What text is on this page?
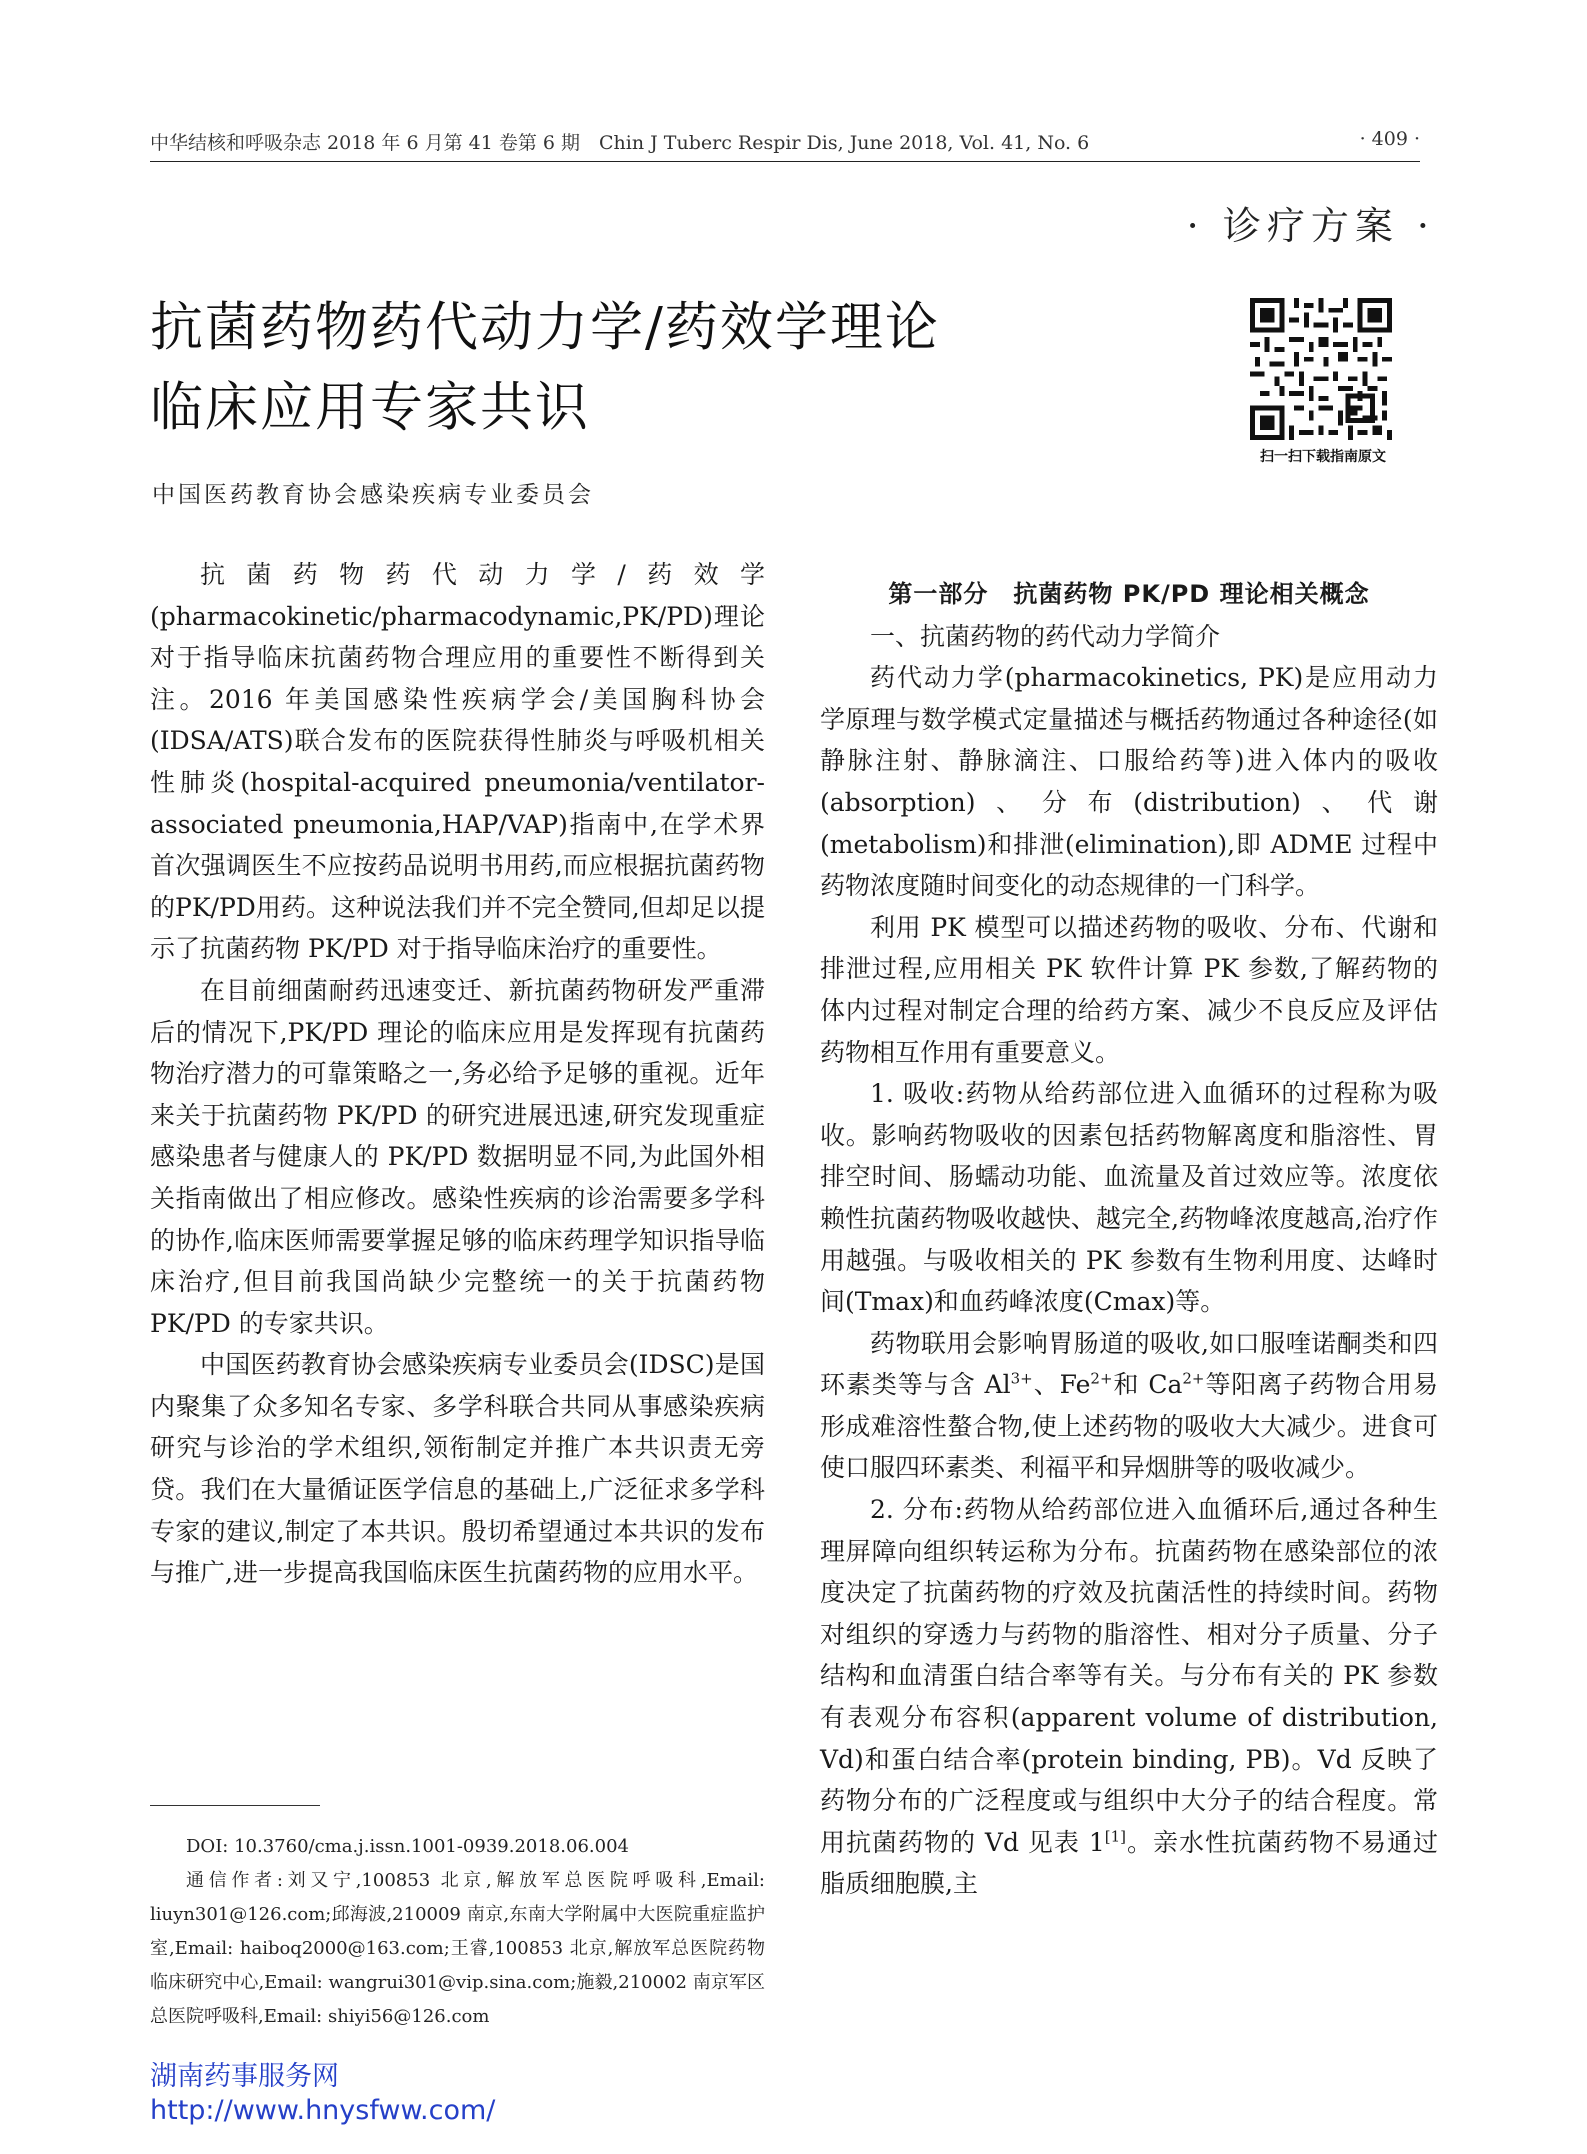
中华结核和呼吸杂志 2018 年 6 月第 41 卷第 6 期　Chin J Tuberc Respir Dis, June 2018, Vol. 41, No. 6	· 409 ·
· 诊疗方案 ·
抗菌药物药代动力学/药效学理论
临床应用专家共识
扫一扫下载指南原文
中国医药教育协会感染疾病专业委员会

抗菌药物药代动力学/药效学(pharmacokinetic/pharmacodynamic,PK/PD)理论对于指导临床抗菌药物合理应用的重要性不断得到关注。2016 年美国感染性疾病学会/美国胸科协会(IDSA/ATS)联合发布的医院获得性肺炎与呼吸机相关性肺炎(hospital-acquired pneumonia/ventilator-associated pneumonia,HAP/VAP)指南中,在学术界首次强调医生不应按药品说明书用药,而应根据抗菌药物的PK/PD用药。这种说法我们并不完全赞同,但却足以提示了抗菌药物 PK/PD 对于指导临床治疗的重要性。

在目前细菌耐药迅速变迁、新抗菌药物研发严重滞后的情况下,PK/PD 理论的临床应用是发挥现有抗菌药物治疗潜力的可靠策略之一,务必给予足够的重视。近年来关于抗菌药物 PK/PD 的研究进展迅速,研究发现重症感染患者与健康人的 PK/PD 数据明显不同,为此国外相关指南做出了相应修改。感染性疾病的诊治需要多学科的协作,临床医师需要掌握足够的临床药理学知识指导临床治疗,但目前我国尚缺少完整统一的关于抗菌药物 PK/PD 的专家共识。

中国医药教育协会感染疾病专业委员会(IDSC)是国内聚集了众多知名专家、多学科联合共同从事感染疾病研究与诊治的学术组织,领衔制定并推广本共识责无旁贷。我们在大量循证医学信息的基础上,广泛征求多学科专家的建议,制定了本共识。殷切希望通过本共识的发布与推广,进一步提高我国临床医生抗菌药物的应用水平。

DOI: 10.3760/cma.j.issn.1001-0939.2018.06.004

通信作者:刘又宁,100853 北京,解放军总医院呼吸科,Email: liuyn301@126.com;邱海波,210009 南京,东南大学附属中大医院重症监护室,Email: haiboq2000@163.com;王睿,100853 北京,解放军总医院药物临床研究中心,Email: wangrui301@vip.sina.com;施毅,210002 南京军区总医院呼吸科,Email: shiyi56@126.com

第一部分　抗菌药物 PK/PD 理论相关概念

一、抗菌药物的药代动力学简介

药代动力学(pharmacokinetics, PK)是应用动力学原理与数学模式定量描述与概括药物通过各种途径(如静脉注射、静脉滴注、口服给药等)进入体内的吸收(absorption)、分布(distribution)、代谢(metabolism)和排泄(elimination),即 ADME 过程中药物浓度随时间变化的动态规律的一门科学。

利用 PK 模型可以描述药物的吸收、分布、代谢和排泄过程,应用相关 PK 软件计算 PK 参数,了解药物的体内过程对制定合理的给药方案、减少不良反应及评估药物相互作用有重要意义。

1. 吸收:药物从给药部位进入血循环的过程称为吸收。影响药物吸收的因素包括药物解离度和脂溶性、胃排空时间、肠蠕动功能、血流量及首过效应等。浓度依赖性抗菌药物吸收越快、越完全,药物峰浓度越高,治疗作用越强。与吸收相关的 PK 参数有生物利用度、达峰时间(Tmax)和血药峰浓度(Cmax)等。

药物联用会影响胃肠道的吸收,如口服喹诺酮类和四环素类等与含 $Al^{3+}$、$Fe^{2+}$和 $Ca^{2+}$等阳离子药物合用易形成难溶性螯合物,使上述药物的吸收大大减少。进食可使口服四环素类、利福平和异烟肼等的吸收减少。

2. 分布:药物从给药部位进入血循环后,通过各种生理屏障向组织转运称为分布。抗菌药物在感染部位的浓度决定了抗菌药物的疗效及抗菌活性的持续时间。药物对组织的穿透力与药物的脂溶性、相对分子质量、分子结构和血清蛋白结合率等有关。与分布有关的 PK 参数有表观分布容积(apparent volume of distribution, Vd)和蛋白结合率(protein binding, PB)。Vd 反映了药物分布的广泛程度或与组织中大分子的结合程度。常用抗菌药物的 Vd 见表 1[1]。亲水性抗菌药物不易通过脂质细胞膜,主

湖南药事服务网
http://www.hnysfww.com/
